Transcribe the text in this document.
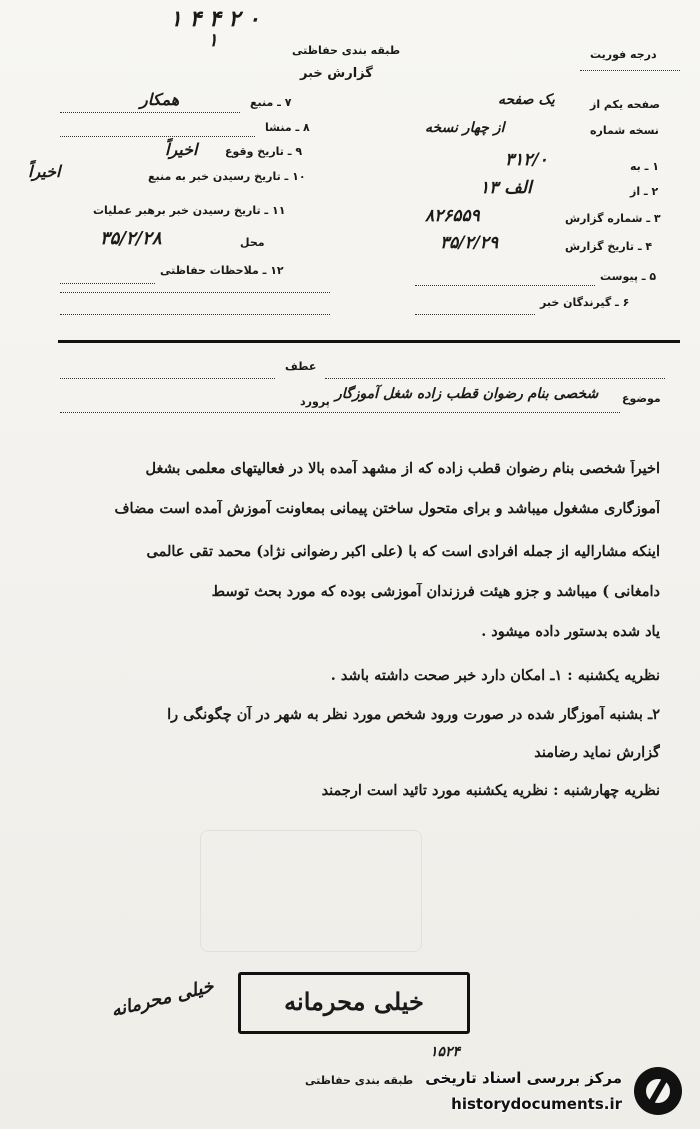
۱ ۴ ۴ ۲ ۰
۱	طبقه بندی حفاظتی
گزارش خبر
درجه فوریت
۷ ـ منبع
همکار
۸ ـ منشا
۹ ـ تاریخ وقوع
اخیراً
۱۰ ـ تاریخ رسیدن خبر به منبع
اخیراً
۱۱ ـ تاریخ رسیدن خبر برهبر عملیات
محل
۳۵/۲/۲۸
۱۲ ـ ملاحظات حفاظتی
صفحه یکم از
یک صفحه
نسخه شماره
از چهار نسخه
۱ ـ به
۳۱۲/۰
۲ ـ از
۱۳ الف
۳ ـ شماره گزارش
۸۲۶۵۵۹
۴ ـ تاریخ گزارش
۳۵/۲/۲۹
۵ ـ پیوست
۶ ـ گیرندگان خبر
عطف
موضوع
شخصی بنام رضوان قطب زاده شغل آموزگار
پرورد
اخیراً شخصی بنام رضوان قطب زاده که از مشهد آمده بالا در فعالیتهای معلمی بشغل
آموزگاری مشغول میباشد و برای متحول ساختن پیمانی بمعاونت آموزش آمده است مضاف
اینکه مشارالیه از جمله افرادی است که با (علی اکبر رضوانی نژاد) محمد تقی عالمی
دامغانی ) میباشد و جزو هیئت فرزندان آموزشی بوده که مورد بحث توسط
یاد شده بدستور داده میشود .
نظریه یکشنبه : ۱ـ امکان دارد خبر صحت داشته باشد .
۲ـ بشنبه آموزگار شده در صورت ورود شخص مورد نظر به شهر در آن چگونگی را
گزارش نماید رضامند
نظریه چهارشنبه : نظریه یکشنبه مورد تائید است ارجمند
خیلی محرمانه
خیلی محرمانه
۱۵۲۴
طبقه بندی حفاظتی مرکز بررسی اسناد تاریخی
historydocuments.ir
